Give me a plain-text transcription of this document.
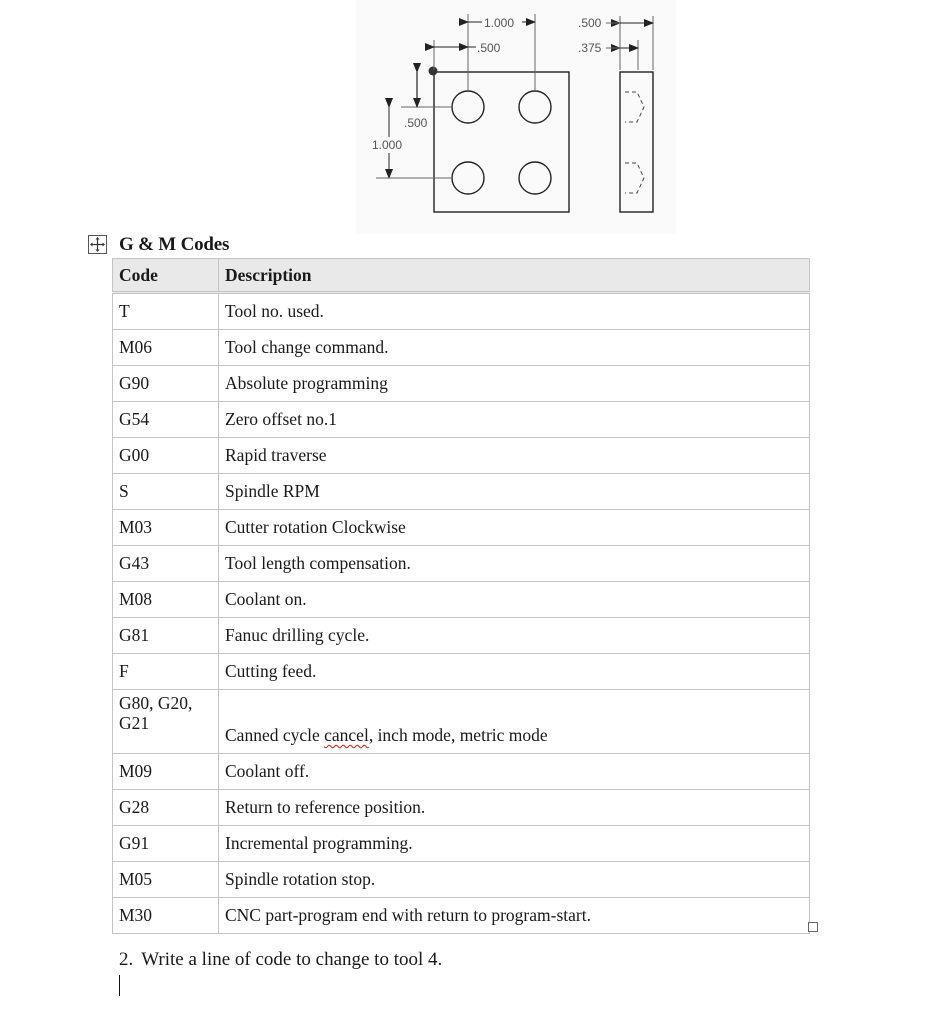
1.000
.500
.500
1.000
.500
.375
G & M Codes
Code	Description
T	Tool no. used.
M06	Tool change command.
G90	Absolute programming
G54	Zero offset no.1
G00	Rapid traverse
S	Spindle RPM
M03	Cutter rotation Clockwise
G43	Tool length compensation.
M08	Coolant on.
G81	Fanuc drilling cycle.
F	Cutting feed.
G80, G20, G21	Canned cycle cancel, inch mode, metric mode
M09	Coolant off.
G28	Return to reference position.
G91	Incremental programming.
M05	Spindle rotation stop.
M30	CNC part-program end with return to program-start.
2. Write a line of code to change to tool 4.
